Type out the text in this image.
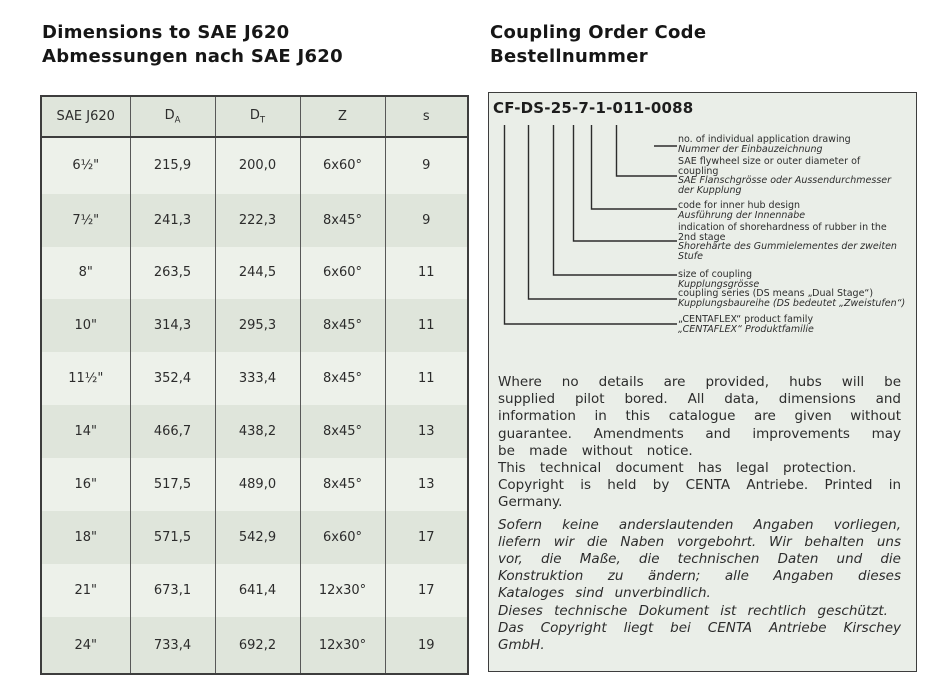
Dimensions to SAE J620
Abmessungen nach SAE J620
SAE J620	$D_A$	$D_T$	Z	s
6½"	215,9	200,0	6x60°	9
7½"	241,3	222,3	8x45°	9
8"	263,5	244,5	6x60°	11
10"	314,3	295,3	8x45°	11
11½"	352,4	333,4	8x45°	11
14"	466,7	438,2	8x45°	13
16"	517,5	489,0	8x45°	13
18"	571,5	542,9	6x60°	17
21"	673,1	641,4	12x30°	17
24"	733,4	692,2	12x30°	19
Coupling Order Code
Bestellnummer
CF-DS-25-7-1-011-0088
no. of individual application drawing
Nummer der Einbauzeichnung
SAE flywheel size or outer diameter of
coupling
SAE Flanschgrösse oder Aussendurchmesser
der Kupplung
code for inner hub design
Ausführung der Innennabe
indication of shorehardness of rubber in the
2nd stage
Shorehärte des Gummielementes der zweiten
Stufe
size of coupling
Kupplungsgrösse
coupling series (DS means „Dual Stage“)
Kupplungsbaureihe (DS bedeutet „Zweistufen“)
„CENTAFLEX“ product family
„CENTAFLEX“ Produktfamilie

Where no details are provided, hubs will be supplied pilot bored. All data, dimensions and information in this catalogue are given without guarantee. Amendments and improvements may be made without notice.

This technical document has legal protection.

Copyright is held by CENTA Antriebe. Printed in Germany.

Sofern keine anderslautenden Angaben vorliegen, liefern wir die Naben vorgebohrt. Wir behalten uns vor, die Maße, die technischen Daten und die Konstruktion zu ändern; alle Angaben dieses Kataloges sind unverbindlich.

Dieses technische Dokument ist rechtlich geschützt.

Das Copyright liegt bei CENTA Antriebe Kirschey GmbH.
